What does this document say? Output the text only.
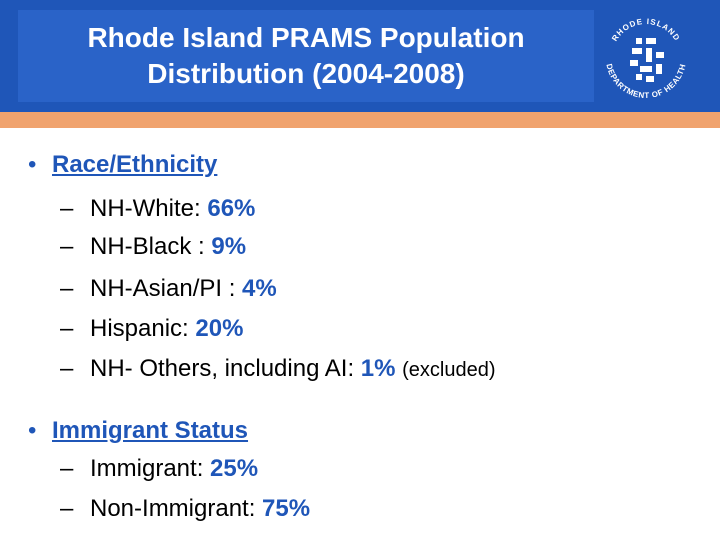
Rhode Island PRAMS Population Distribution (2004-2008)
RHODE ISLAND
DEPARTMENT OF HEALTH
• Race/Ethnicity
– NH-White: 66%
– NH-Black : 9%
– NH-Asian/PI : 4%
– Hispanic: 20%
– NH- Others, including AI: 1% (excluded)
• Immigrant Status
– Immigrant: 25%
– Non-Immigrant: 75%
